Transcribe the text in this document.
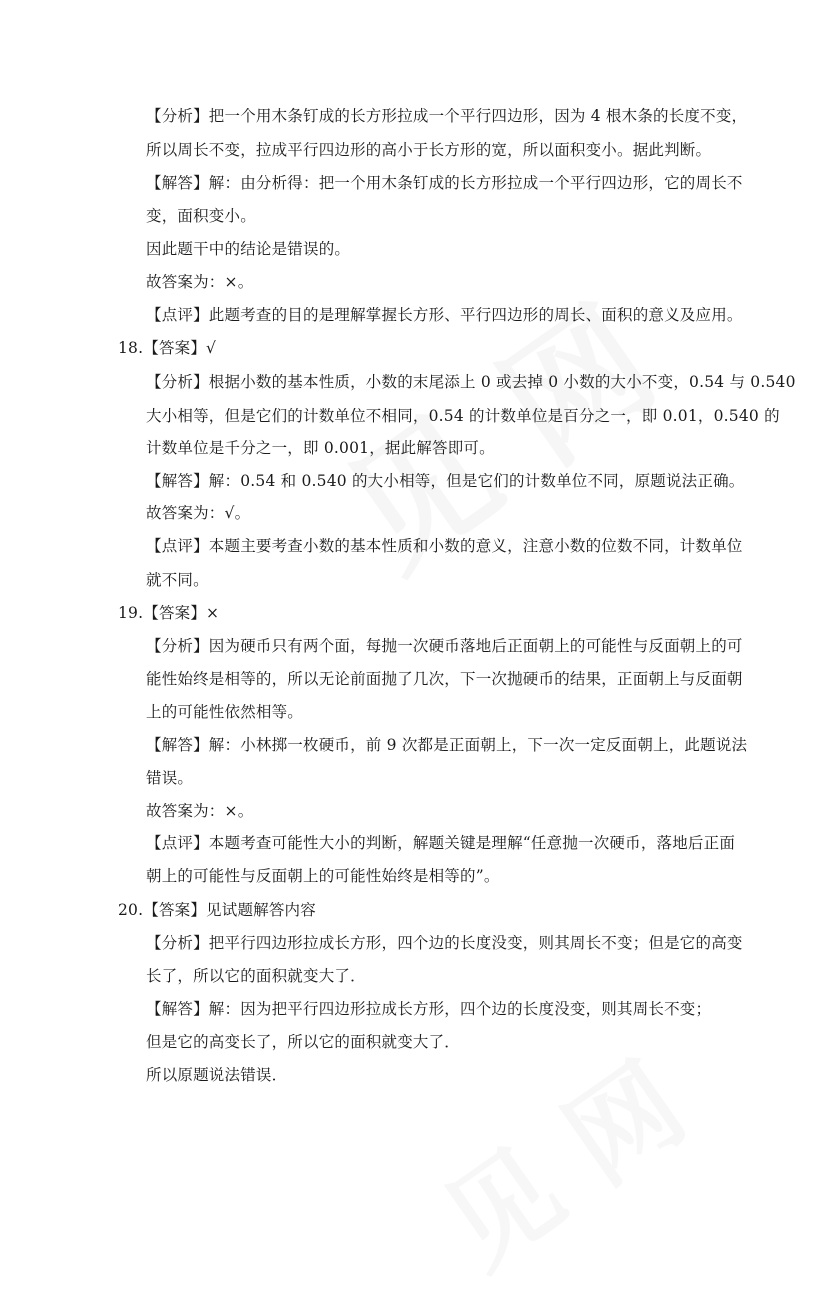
【分析】把一个用木条钉成的长方形拉成一个平行四边形，因为 4 根木条的长度不变，
所以周长不变，拉成平行四边形的高小于长方形的宽，所以面积变小。据此判断。
【解答】解：由分析得：把一个用木条钉成的长方形拉成一个平行四边形，它的周长不
变，面积变小。
因此题干中的结论是错误的。
故答案为：×。
【点评】此题考查的目的是理解掌握长方形、平行四边形的周长、面积的意义及应用。
18.【答案】√
【分析】根据小数的基本性质，小数的末尾添上 0 或去掉 0 小数的大小不变，0.54 与 0.540
大小相等，但是它们的计数单位不相同，0.54 的计数单位是百分之一，即 0.01，0.540 的
计数单位是千分之一，即 0.001，据此解答即可。
【解答】解：0.54 和 0.540 的大小相等，但是它们的计数单位不同，原题说法正确。
故答案为：√。
【点评】本题主要考查小数的基本性质和小数的意义，注意小数的位数不同，计数单位
就不同。
19.【答案】×
【分析】因为硬币只有两个面，每抛一次硬币落地后正面朝上的可能性与反面朝上的可
能性始终是相等的，所以无论前面抛了几次，下一次抛硬币的结果，正面朝上与反面朝
上的可能性依然相等。
【解答】解：小林掷一枚硬币，前 9 次都是正面朝上，下一次一定反面朝上，此题说法
错误。
故答案为：×。
【点评】本题考查可能性大小的判断，解题关键是理解“任意抛一次硬币，落地后正面
朝上的可能性与反面朝上的可能性始终是相等的”。
20.【答案】见试题解答内容
【分析】把平行四边形拉成长方形，四个边的长度没变，则其周长不变；但是它的高变
长了，所以它的面积就变大了．
【解答】解：因为把平行四边形拉成长方形，四个边的长度没变，则其周长不变；
但是它的高变长了，所以它的面积就变大了．
所以原题说法错误．
